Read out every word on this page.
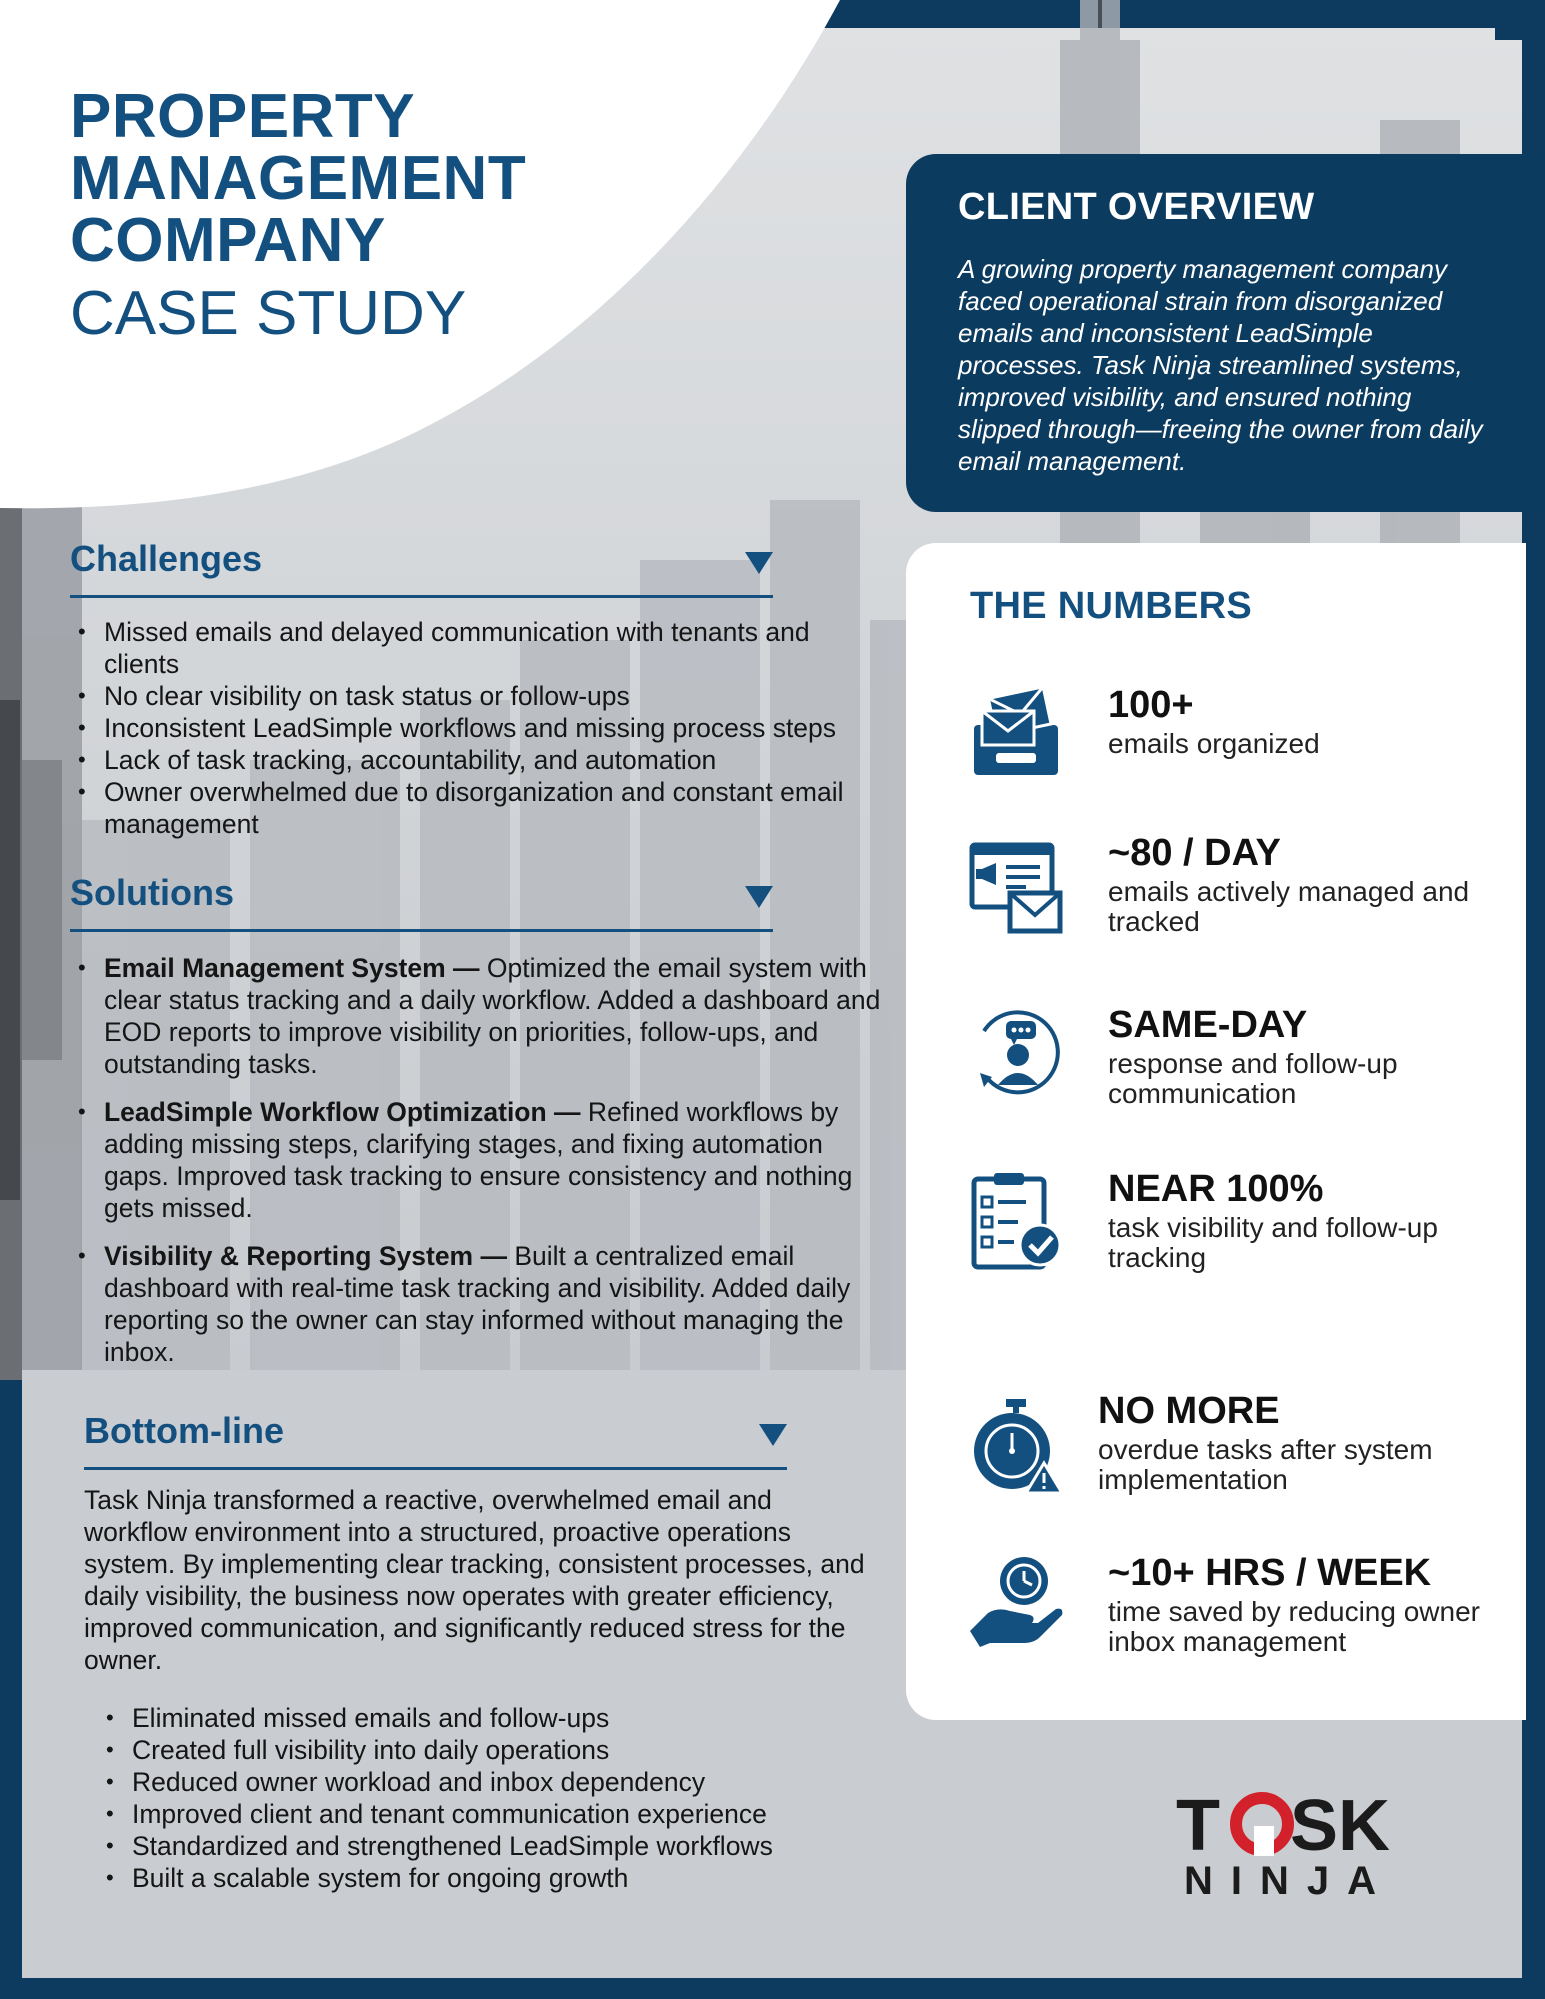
PROPERTY
MANAGEMENT
COMPANY
CASE STUDY
CLIENT OVERVIEW

A growing property management company faced operational strain from disorganized emails and inconsistent LeadSimple processes. Task Ninja streamlined systems, improved visibility, and ensured nothing slipped through—freeing the owner from daily email management.

Challenges
• Missed emails and delayed communication with tenants and clients
• No clear visibility on task status or follow-ups
• Inconsistent LeadSimple workflows and missing process steps
• Lack of task tracking, accountability, and automation
• Owner overwhelmed due to disorganization and constant email management
Solutions
• Email Management System — Optimized the email system with clear status tracking and a daily workflow. Added a dashboard and EOD reports to improve visibility on priorities, follow-ups, and outstanding tasks.
• LeadSimple Workflow Optimization — Refined workflows by adding missing steps, clarifying stages, and fixing automation gaps. Improved task tracking to ensure consistency and nothing gets missed.
• Visibility & Reporting System — Built a centralized email dashboard with real-time task tracking and visibility. Added daily reporting so the owner can stay informed without managing the inbox.
Bottom-line

Task Ninja transformed a reactive, overwhelmed email and workflow environment into a structured, proactive operations system. By implementing clear tracking, consistent processes, and daily visibility, the business now operates with greater efficiency, improved communication, and significantly reduced stress for the owner.

• Eliminated missed emails and follow-ups
• Created full visibility into daily operations
• Reduced owner workload and inbox dependency
• Improved client and tenant communication experience
• Standardized and strengthened LeadSimple workflows
• Built a scalable system for ongoing growth
THE NUMBERS
100+
emails organized
~80 / DAY
emails actively managed and tracked
SAME-DAY
response and follow-up communication
NEAR 100%
task visibility and follow-up tracking
NO MORE
overdue tasks after system implementation
~10+ HRS / WEEK
time saved by reducing owner inbox management
T SK
NINJA
